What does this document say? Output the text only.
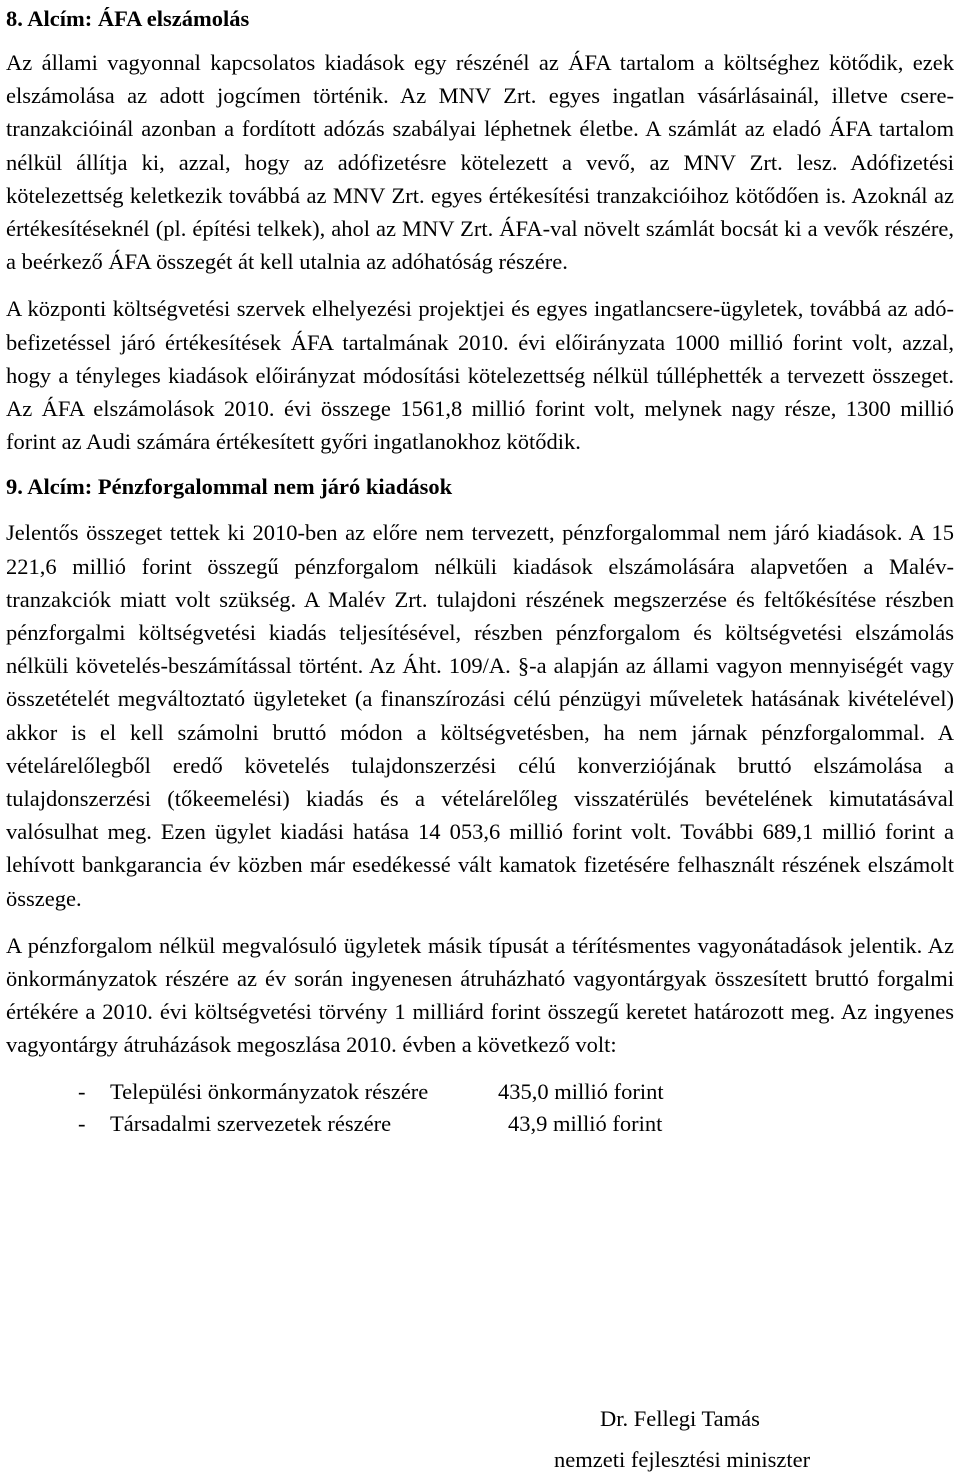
8. Alcím: ÁFA elszámolás

Az állami vagyonnal kapcsolatos kiadások egy részénél az ÁFA tartalom a költséghez kötődik, ezek elszámolása az adott jogcímen történik. Az MNV Zrt. egyes ingatlan vásárlásainál, illetve csere-tranzakcióinál azonban a fordított adózás szabályai léphetnek életbe. A számlát az eladó ÁFA tartalom nélkül állítja ki, azzal, hogy az adófizetésre kötelezett a vevő, az MNV Zrt. lesz. Adófizetési kötelezettség keletkezik továbbá az MNV Zrt. egyes értékesítési tranzakcióihoz kötődően is. Azoknál az értékesítéseknél (pl. építési telkek), ahol az MNV Zrt. ÁFA-val növelt számlát bocsát ki a vevők részére, a beérkező ÁFA összegét át kell utalnia az adóhatóság részére.

A központi költségvetési szervek elhelyezési projektjei és egyes ingatlancsere-ügyletek, továbbá az adó-befizetéssel járó értékesítések ÁFA tartalmának 2010. évi előirányzata 1000 millió forint volt, azzal, hogy a tényleges kiadások előirányzat módosítási kötelezettség nélkül túlléphették a tervezett összeget. Az ÁFA elszámolások 2010. évi összege 1561,8 millió forint volt, melynek nagy része, 1300 millió forint az Audi számára értékesített győri ingatlanokhoz kötődik.

9. Alcím: Pénzforgalommal nem járó kiadások

Jelentős összeget tettek ki 2010-ben az előre nem tervezett, pénzforgalommal nem járó kiadások. A 15 221,6 millió forint összegű pénzforgalom nélküli kiadások elszámolására alapvetően a Malév-tranzakciók miatt volt szükség. A Malév Zrt. tulajdoni részének megszerzése és feltőkésítése részben pénzforgalmi költségvetési kiadás teljesítésével, részben pénzforgalom és költségvetési elszámolás nélküli követelés-beszámítással történt. Az Áht. 109/A. §-a alapján az állami vagyon mennyiségét vagy összetételét megváltoztató ügyleteket (a finanszírozási célú pénzügyi műveletek hatásának kivételével) akkor is el kell számolni bruttó módon a költségvetésben, ha nem járnak pénzforgalommal. A vételárelőlegből eredő követelés tulajdonszerzési célú konverziójának bruttó elszámolása a tulajdonszerzési (tőkeemelési) kiadás és a vételárelőleg visszatérülés bevételének kimutatásával valósulhat meg. Ezen ügylet kiadási hatása 14 053,6 millió forint volt. További 689,1 millió forint a lehívott bankgarancia év közben már esedékessé vált kamatok fizetésére felhasznált részének elszámolt összege.

A pénzforgalom nélkül megvalósuló ügyletek másik típusát a térítésmentes vagyonátadások jelentik. Az önkormányzatok részére az év során ingyenesen átruházható vagyontárgyak összesített bruttó forgalmi értékére a 2010. évi költségvetési törvény 1 milliárd forint összegű keretet határozott meg. Az ingyenes vagyontárgy átruházások megoszlása 2010. évben a következő volt:

-	Települési önkormányzatok részére	435,0 millió forint
-	Társadalmi szervezetek részére	43,9 millió forint
Dr. Fellegi Tamás
nemzeti fejlesztési miniszter
